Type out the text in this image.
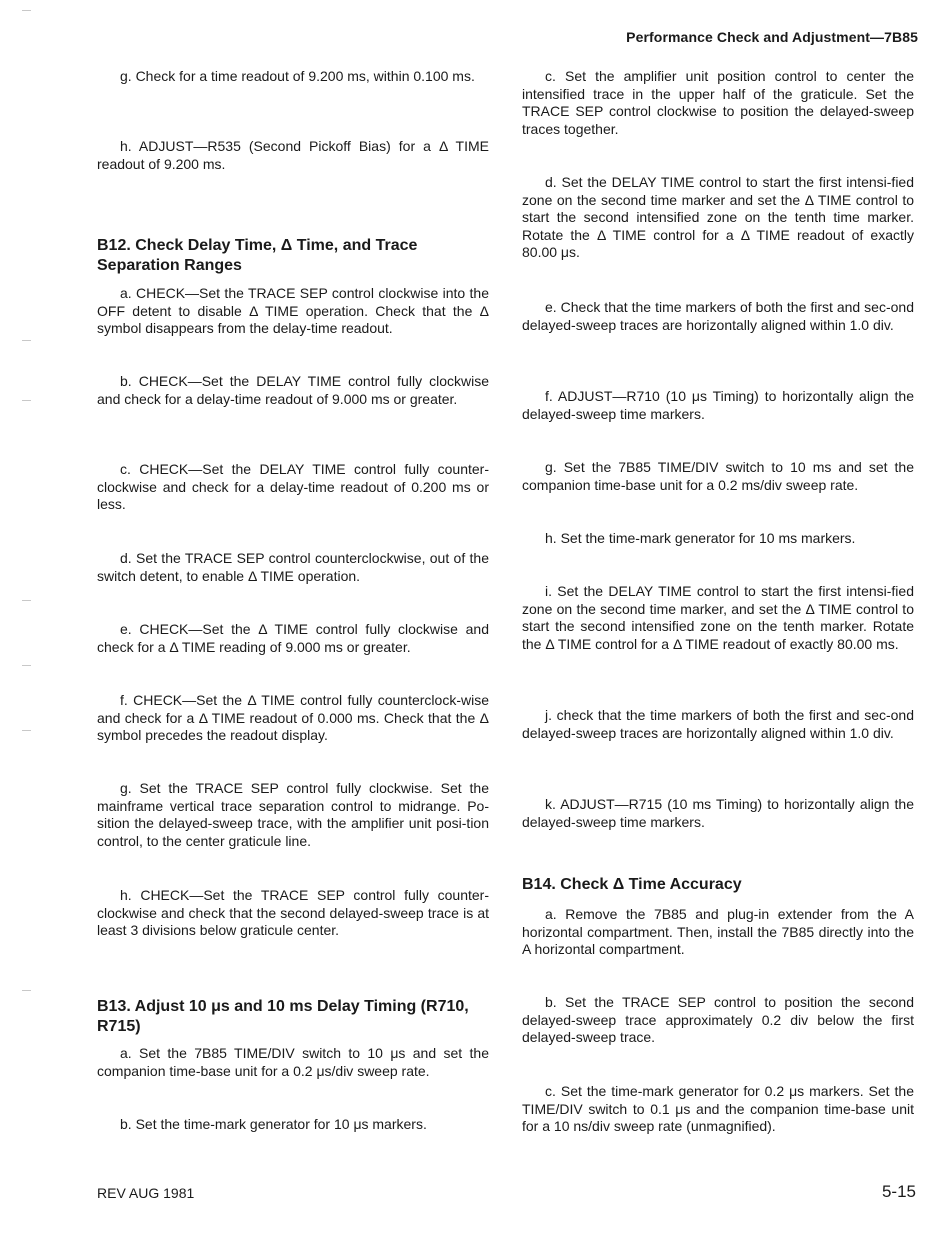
Performance Check and Adjustment—7B85

g. Check for a time readout of 9.200 ms, within 0.100 ms.

h. ADJUST—R535 (Second Pickoff Bias) for a Δ TIME readout of 9.200 ms.

B12. Check Delay Time, Δ Time, and Trace Separation Ranges

a. CHECK—Set the TRACE SEP control clockwise into the OFF detent to disable Δ TIME operation. Check that the Δ symbol disappears from the delay-time readout.

b. CHECK—Set the DELAY TIME control fully clockwise and check for a delay-time readout of 9.000 ms or greater.

c. CHECK—Set the DELAY TIME control fully counter-clockwise and check for a delay-time readout of 0.200 ms or less.

d. Set the TRACE SEP control counterclockwise, out of the switch detent, to enable Δ TIME operation.

e. CHECK—Set the Δ TIME control fully clockwise and check for a Δ TIME reading of 9.000 ms or greater.

f. CHECK—Set the Δ TIME control fully counterclock-wise and check for a Δ TIME readout of 0.000 ms. Check that the Δ symbol precedes the readout display.

g. Set the TRACE SEP control fully clockwise. Set the mainframe vertical trace separation control to midrange. Po-sition the delayed-sweep trace, with the amplifier unit posi-tion control, to the center graticule line.

h. CHECK—Set the TRACE SEP control fully counter-clockwise and check that the second delayed-sweep trace is at least 3 divisions below graticule center.

B13. Adjust 10 μs and 10 ms Delay Timing (R710, R715)

a. Set the 7B85 TIME/DIV switch to 10 μs and set the companion time-base unit for a 0.2 μs/div sweep rate.

b. Set the time-mark generator for 10 μs markers.

c. Set the amplifier unit position control to center the intensified trace in the upper half of the graticule. Set the TRACE SEP control clockwise to position the delayed-sweep traces together.

d. Set the DELAY TIME control to start the first intensi-fied zone on the second time marker and set the Δ TIME control to start the second intensified zone on the tenth time marker. Rotate the Δ TIME control for a Δ TIME readout of exactly 80.00 μs.

e. Check that the time markers of both the first and sec-ond delayed-sweep traces are horizontally aligned within 1.0 div.

f. ADJUST—R710 (10 μs Timing) to horizontally align the delayed-sweep time markers.

g. Set the 7B85 TIME/DIV switch to 10 ms and set the companion time-base unit for a 0.2 ms/div sweep rate.

h. Set the time-mark generator for 10 ms markers.

i. Set the DELAY TIME control to start the first intensi-fied zone on the second time marker, and set the Δ TIME control to start the second intensified zone on the tenth marker. Rotate the Δ TIME control for a Δ TIME readout of exactly 80.00 ms.

j. check that the time markers of both the first and sec-ond delayed-sweep traces are horizontally aligned within 1.0 div.

k. ADJUST—R715 (10 ms Timing) to horizontally align the delayed-sweep time markers.

B14. Check Δ Time Accuracy

a. Remove the 7B85 and plug-in extender from the A horizontal compartment. Then, install the 7B85 directly into the A horizontal compartment.

b. Set the TRACE SEP control to position the second delayed-sweep trace approximately 0.2 div below the first delayed-sweep trace.

c. Set the time-mark generator for 0.2 μs markers. Set the TIME/DIV switch to 0.1 μs and the companion time-base unit for a 10 ns/div sweep rate (unmagnified).

REV AUG 1981	5-15
